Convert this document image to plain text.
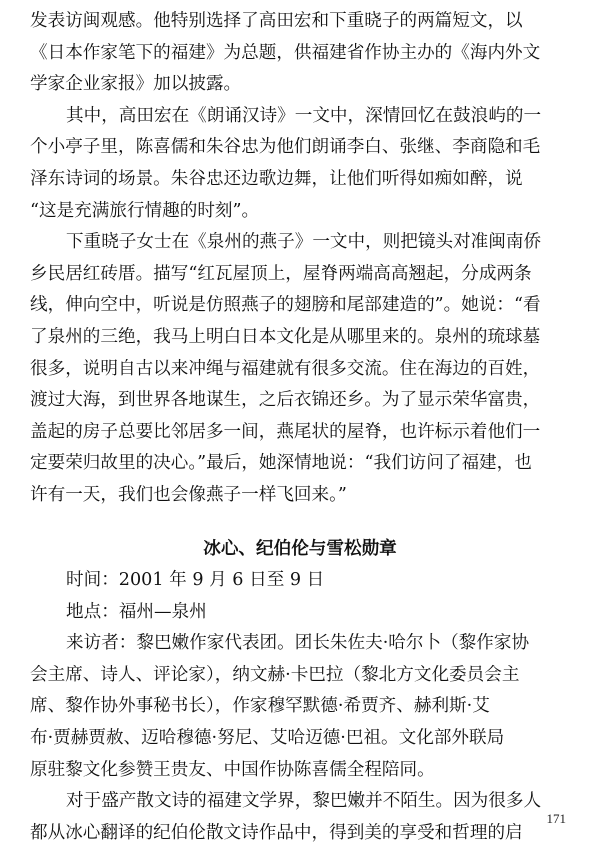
发表访闽观感。他特别选择了高田宏和下重晓子的两篇短文，以
《日本作家笔下的福建》为总题，供福建省作协主办的《海内外文
学家企业家报》加以披露。
其中，高田宏在《朗诵汉诗》一文中，深情回忆在鼓浪屿的一
个小亭子里，陈喜儒和朱谷忠为他们朗诵李白、张继、李商隐和毛
泽东诗词的场景。朱谷忠还边歌边舞，让他们听得如痴如醉，说
“这是充满旅行情趣的时刻”。
下重晓子女士在《泉州的燕子》一文中，则把镜头对准闽南侨
乡民居红砖厝。描写“红瓦屋顶上，屋脊两端高高翘起，分成两条
线，伸向空中，听说是仿照燕子的翅膀和尾部建造的”。她说：“看
了泉州的三绝，我马上明白日本文化是从哪里来的。泉州的琉球墓
很多，说明自古以来冲绳与福建就有很多交流。住在海边的百姓，
渡过大海，到世界各地谋生，之后衣锦还乡。为了显示荣华富贵，
盖起的房子总要比邻居多一间，燕尾状的屋脊，也许标示着他们一
定要荣归故里的决心。”最后，她深情地说：“我们访问了福建，也
许有一天，我们也会像燕子一样飞回来。”
冰心、纪伯伦与雪松勋章
时间：2001 年 9 月 6 日至 9 日
地点：福州—泉州
来访者：黎巴嫩作家代表团。团长朱佐夫·哈尔卜（黎作家协
会主席、诗人、评论家），纳文赫·卡巴拉（黎北方文化委员会主
席、黎作协外事秘书长），作家穆罕默德·希贾齐、赫利斯·艾
布·贾赫贾赦、迈哈穆德·努尼、艾哈迈德·巴祖。文化部外联局
原驻黎文化参赞王贵友、中国作协陈喜儒全程陪同。
对于盛产散文诗的福建文学界，黎巴嫩并不陌生。因为很多人
都从冰心翻译的纪伯伦散文诗作品中，得到美的享受和哲理的启
171
